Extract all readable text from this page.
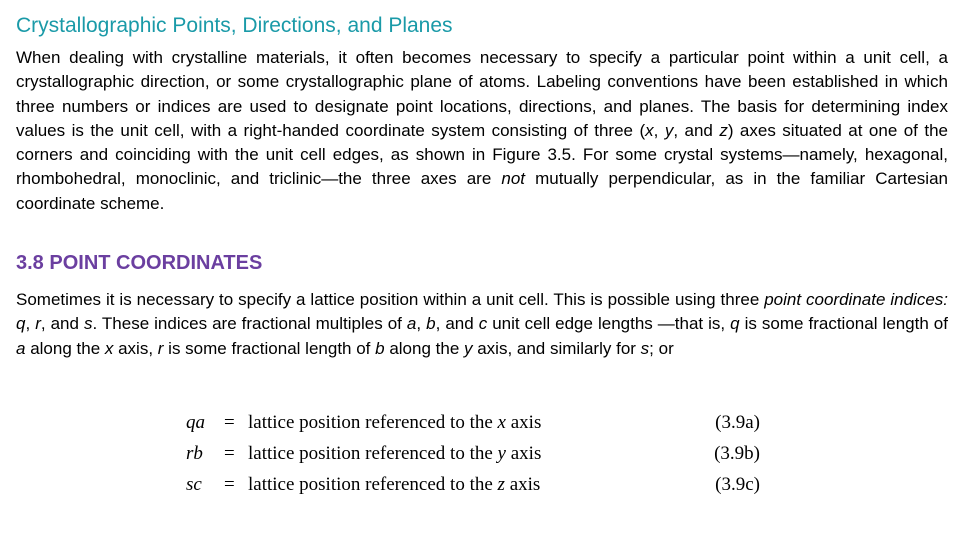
Crystallographic Points, Directions, and Planes
When dealing with crystalline materials, it often becomes necessary to specify a particular point within a unit cell, a crystallographic direction, or some crystallographic plane of atoms. Labeling conventions have been established in which three numbers or indices are used to designate point locations, directions, and planes. The basis for determining index values is the unit cell, with a right-handed coordinate system consisting of three (x, y, and z) axes situated at one of the corners and coinciding with the unit cell edges, as shown in Figure 3.5. For some crystal systems—namely, hexagonal, rhombohedral, monoclinic, and triclinic—the three axes are not mutually perpendicular, as in the familiar Cartesian coordinate scheme.
3.8 POINT COORDINATES
Sometimes it is necessary to specify a lattice position within a unit cell. This is possible using three point coordinate indices: q, r, and s. These indices are fractional multiples of a, b, and c unit cell edge lengths —that is, q is some fractional length of a along the x axis, r is some fractional length of b along the y axis, and similarly for s; or
qa	= lattice position referenced to the x axis	(3.9a)
rb	= lattice position referenced to the y axis	(3.9b)
sc	= lattice position referenced to the z axis	(3.9c)
